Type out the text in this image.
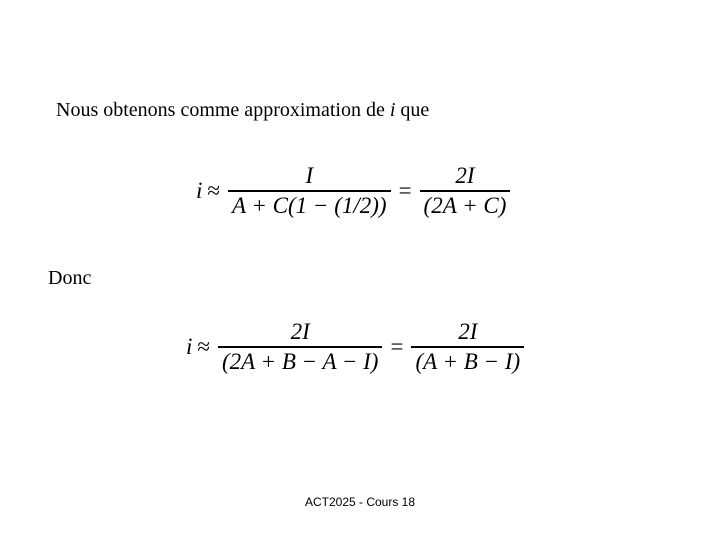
Nous obtenons comme approximation de i que
$i \approx \frac{I}{A + C(1 - (1/2))} = \frac{2I}{(2A + C)}$
Donc
$i \approx \frac{2I}{(2A + B - A - I)} = \frac{2I}{(A + B - I)}$
ACT2025 - Cours 18
